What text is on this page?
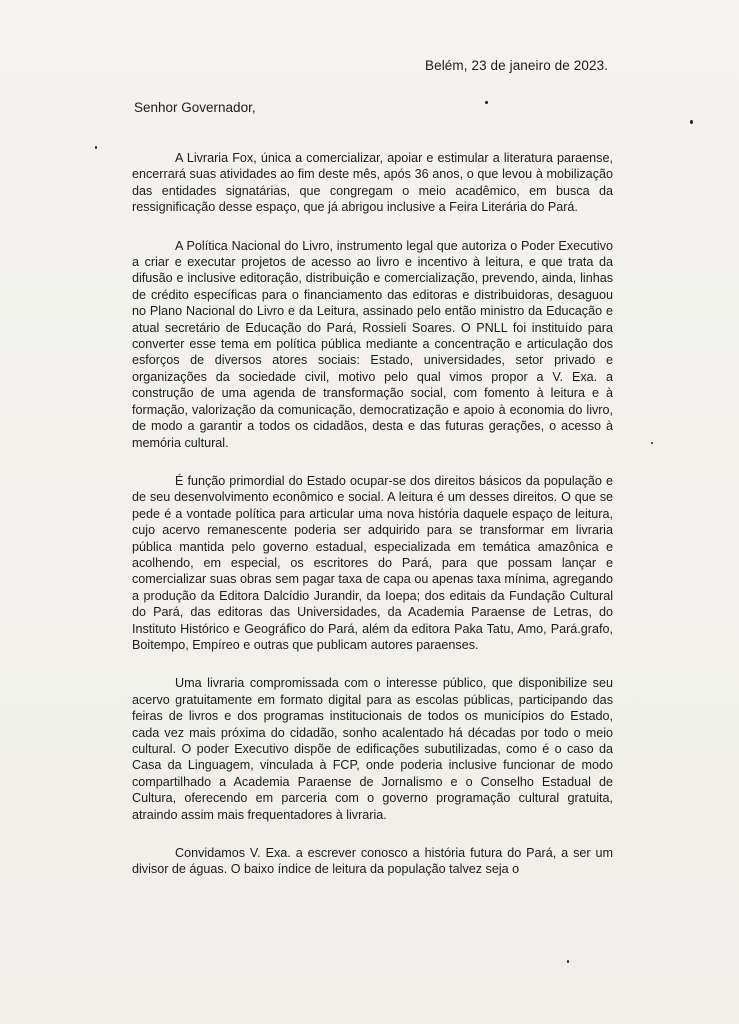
Belém, 23 de janeiro de 2023.
Senhor Governador,

A Livraria Fox, única a comercializar, apoiar e estimular a literatura paraense, encerrará suas atividades ao fim deste mês, após 36 anos, o que levou à mobilização das entidades signatárias, que congregam o meio acadêmico, em busca da ressignificação desse espaço, que já abrigou inclusive a Feira Literária do Pará.

A Política Nacional do Livro, instrumento legal que autoriza o Poder Executivo a criar e executar projetos de acesso ao livro e incentivo à leitura, e que trata da difusão e inclusive editoração, distribuição e comercialização, prevendo, ainda, linhas de crédito específicas para o financiamento das editoras e distribuidoras, desaguou no Plano Nacional do Livro e da Leitura, assinado pelo então ministro da Educação e atual secretário de Educação do Pará, Rossieli Soares. O PNLL foi instituído para converter esse tema em política pública mediante a concentração e articulação dos esforços de diversos atores sociais: Estado, universidades, setor privado e organizações da sociedade civil, motivo pelo qual vimos propor a V. Exa. a construção de uma agenda de transformação social, com fomento à leitura e à formação, valorização da comunicação, democratização e apoio à economia do livro, de modo a garantir a todos os cidadãos, desta e das futuras gerações, o acesso à memória cultural.

É função primordial do Estado ocupar-se dos direitos básicos da população e de seu desenvolvimento econômico e social. A leitura é um desses direitos. O que se pede é a vontade política para articular uma nova história daquele espaço de leitura, cujo acervo remanescente poderia ser adquirido para se transformar em livraria pública mantida pelo governo estadual, especializada em temática amazônica e acolhendo, em especial, os escritores do Pará, para que possam lançar e comercializar suas obras sem pagar taxa de capa ou apenas taxa mínima, agregando a produção da Editora Dalcídio Jurandir, da Ioepa; dos editais da Fundação Cultural do Pará, das editoras das Universidades, da Academia Paraense de Letras, do Instituto Histórico e Geográfico do Pará, além da editora Paka Tatu, Amo, Pará.grafo, Boitempo, Empíreo e outras que publicam autores paraenses.

Uma livraria compromissada com o interesse público, que disponibilize seu acervo gratuitamente em formato digital para as escolas públicas, participando das feiras de livros e dos programas institucionais de todos os municípios do Estado, cada vez mais próxima do cidadão, sonho acalentado há décadas por todo o meio cultural. O poder Executivo dispõe de edificações subutilizadas, como é o caso da Casa da Linguagem, vinculada à FCP, onde poderia inclusive funcionar de modo compartilhado a Academia Paraense de Jornalismo e o Conselho Estadual de Cultura, oferecendo em parceria com o governo programação cultural gratuita, atraindo assim mais frequentadores à livraria.

Convidamos V. Exa. a escrever conosco a história futura do Pará, a ser um divisor de águas. O baixo índice de leitura da população talvez seja o
